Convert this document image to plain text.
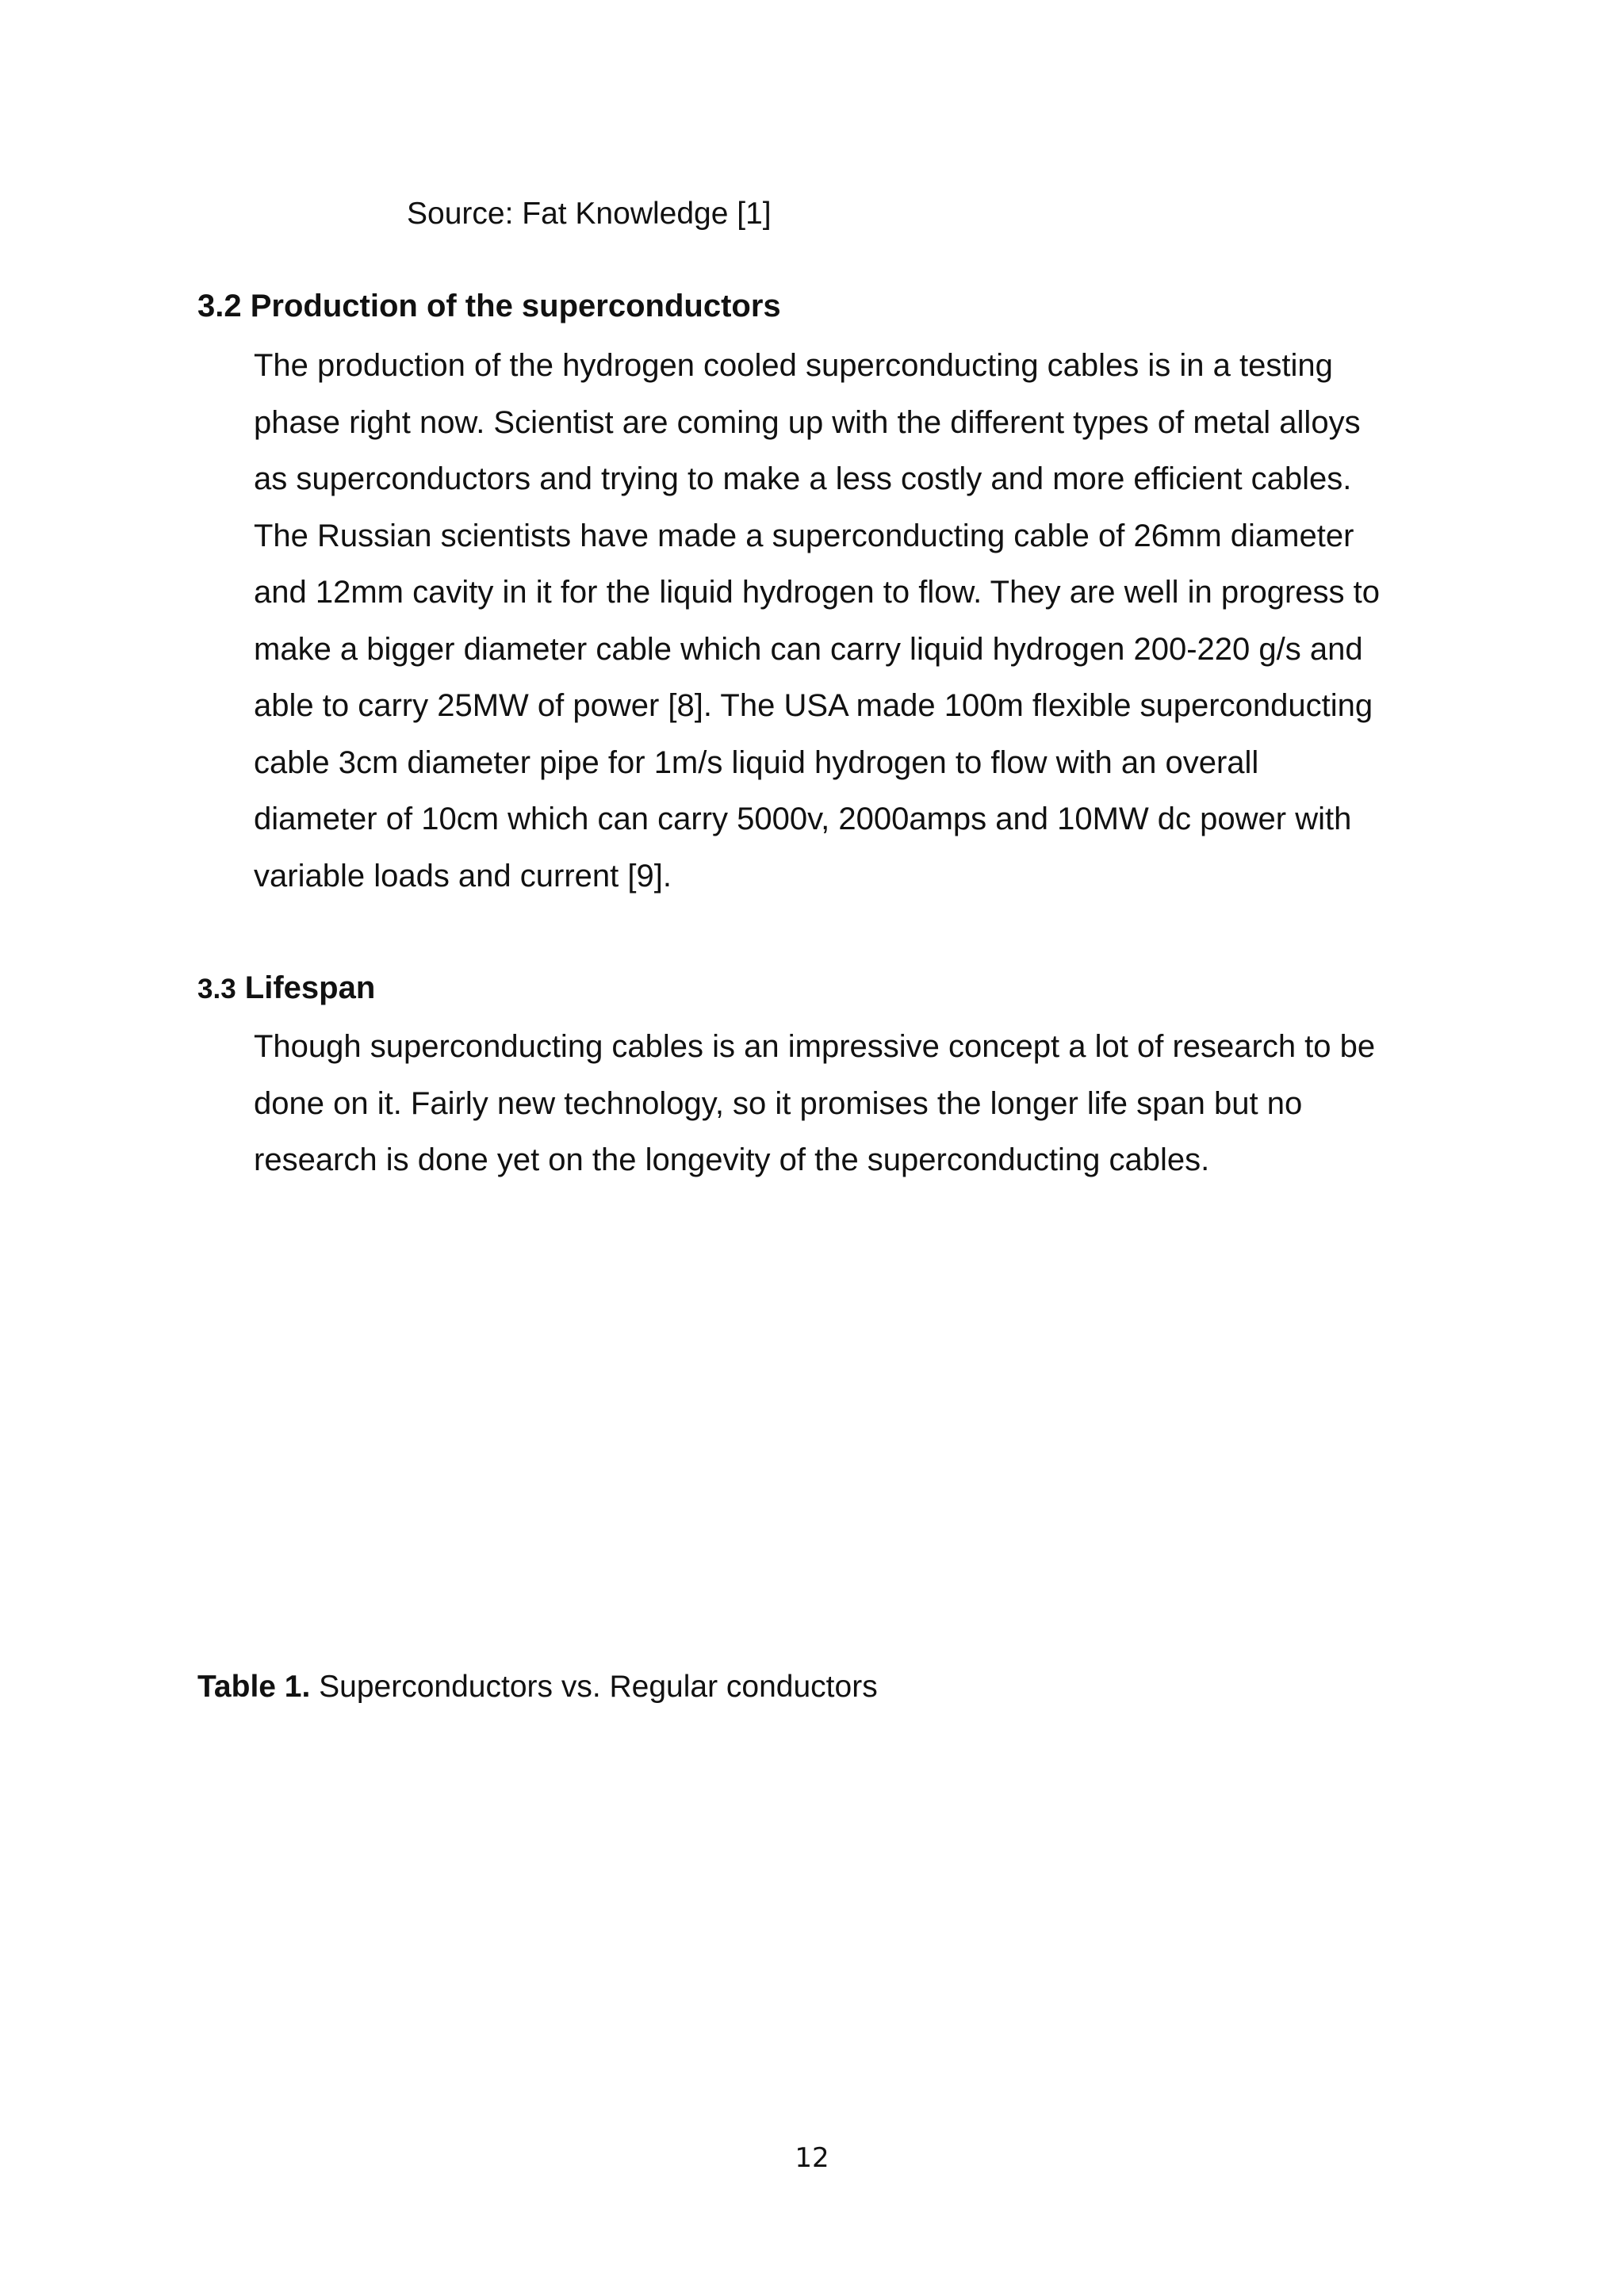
Source: Fat Knowledge [1]
3.2 Production of the superconductors
The production of the hydrogen cooled superconducting cables is in a testing
phase right now. Scientist are coming up with the different types of metal alloys
as superconductors and trying to make a less costly and more efficient cables.
The Russian scientists have made a superconducting cable of 26mm diameter
and 12mm cavity in it for the liquid hydrogen to flow. They are well in progress to
make a bigger diameter cable which can carry liquid hydrogen 200-220 g/s and
able to carry 25MW of power [8]. The USA made 100m flexible superconducting
cable 3cm diameter pipe for 1m/s liquid hydrogen to flow with an overall
diameter of 10cm which can carry 5000v, 2000amps and 10MW dc power with
variable loads and current [9].
3.3 Lifespan
Though superconducting cables is an impressive concept a lot of research to be
done on it. Fairly new technology, so it promises the longer life span but no
research is done yet on the longevity of the superconducting cables.
Table 1. Superconductors vs. Regular conductors
12
